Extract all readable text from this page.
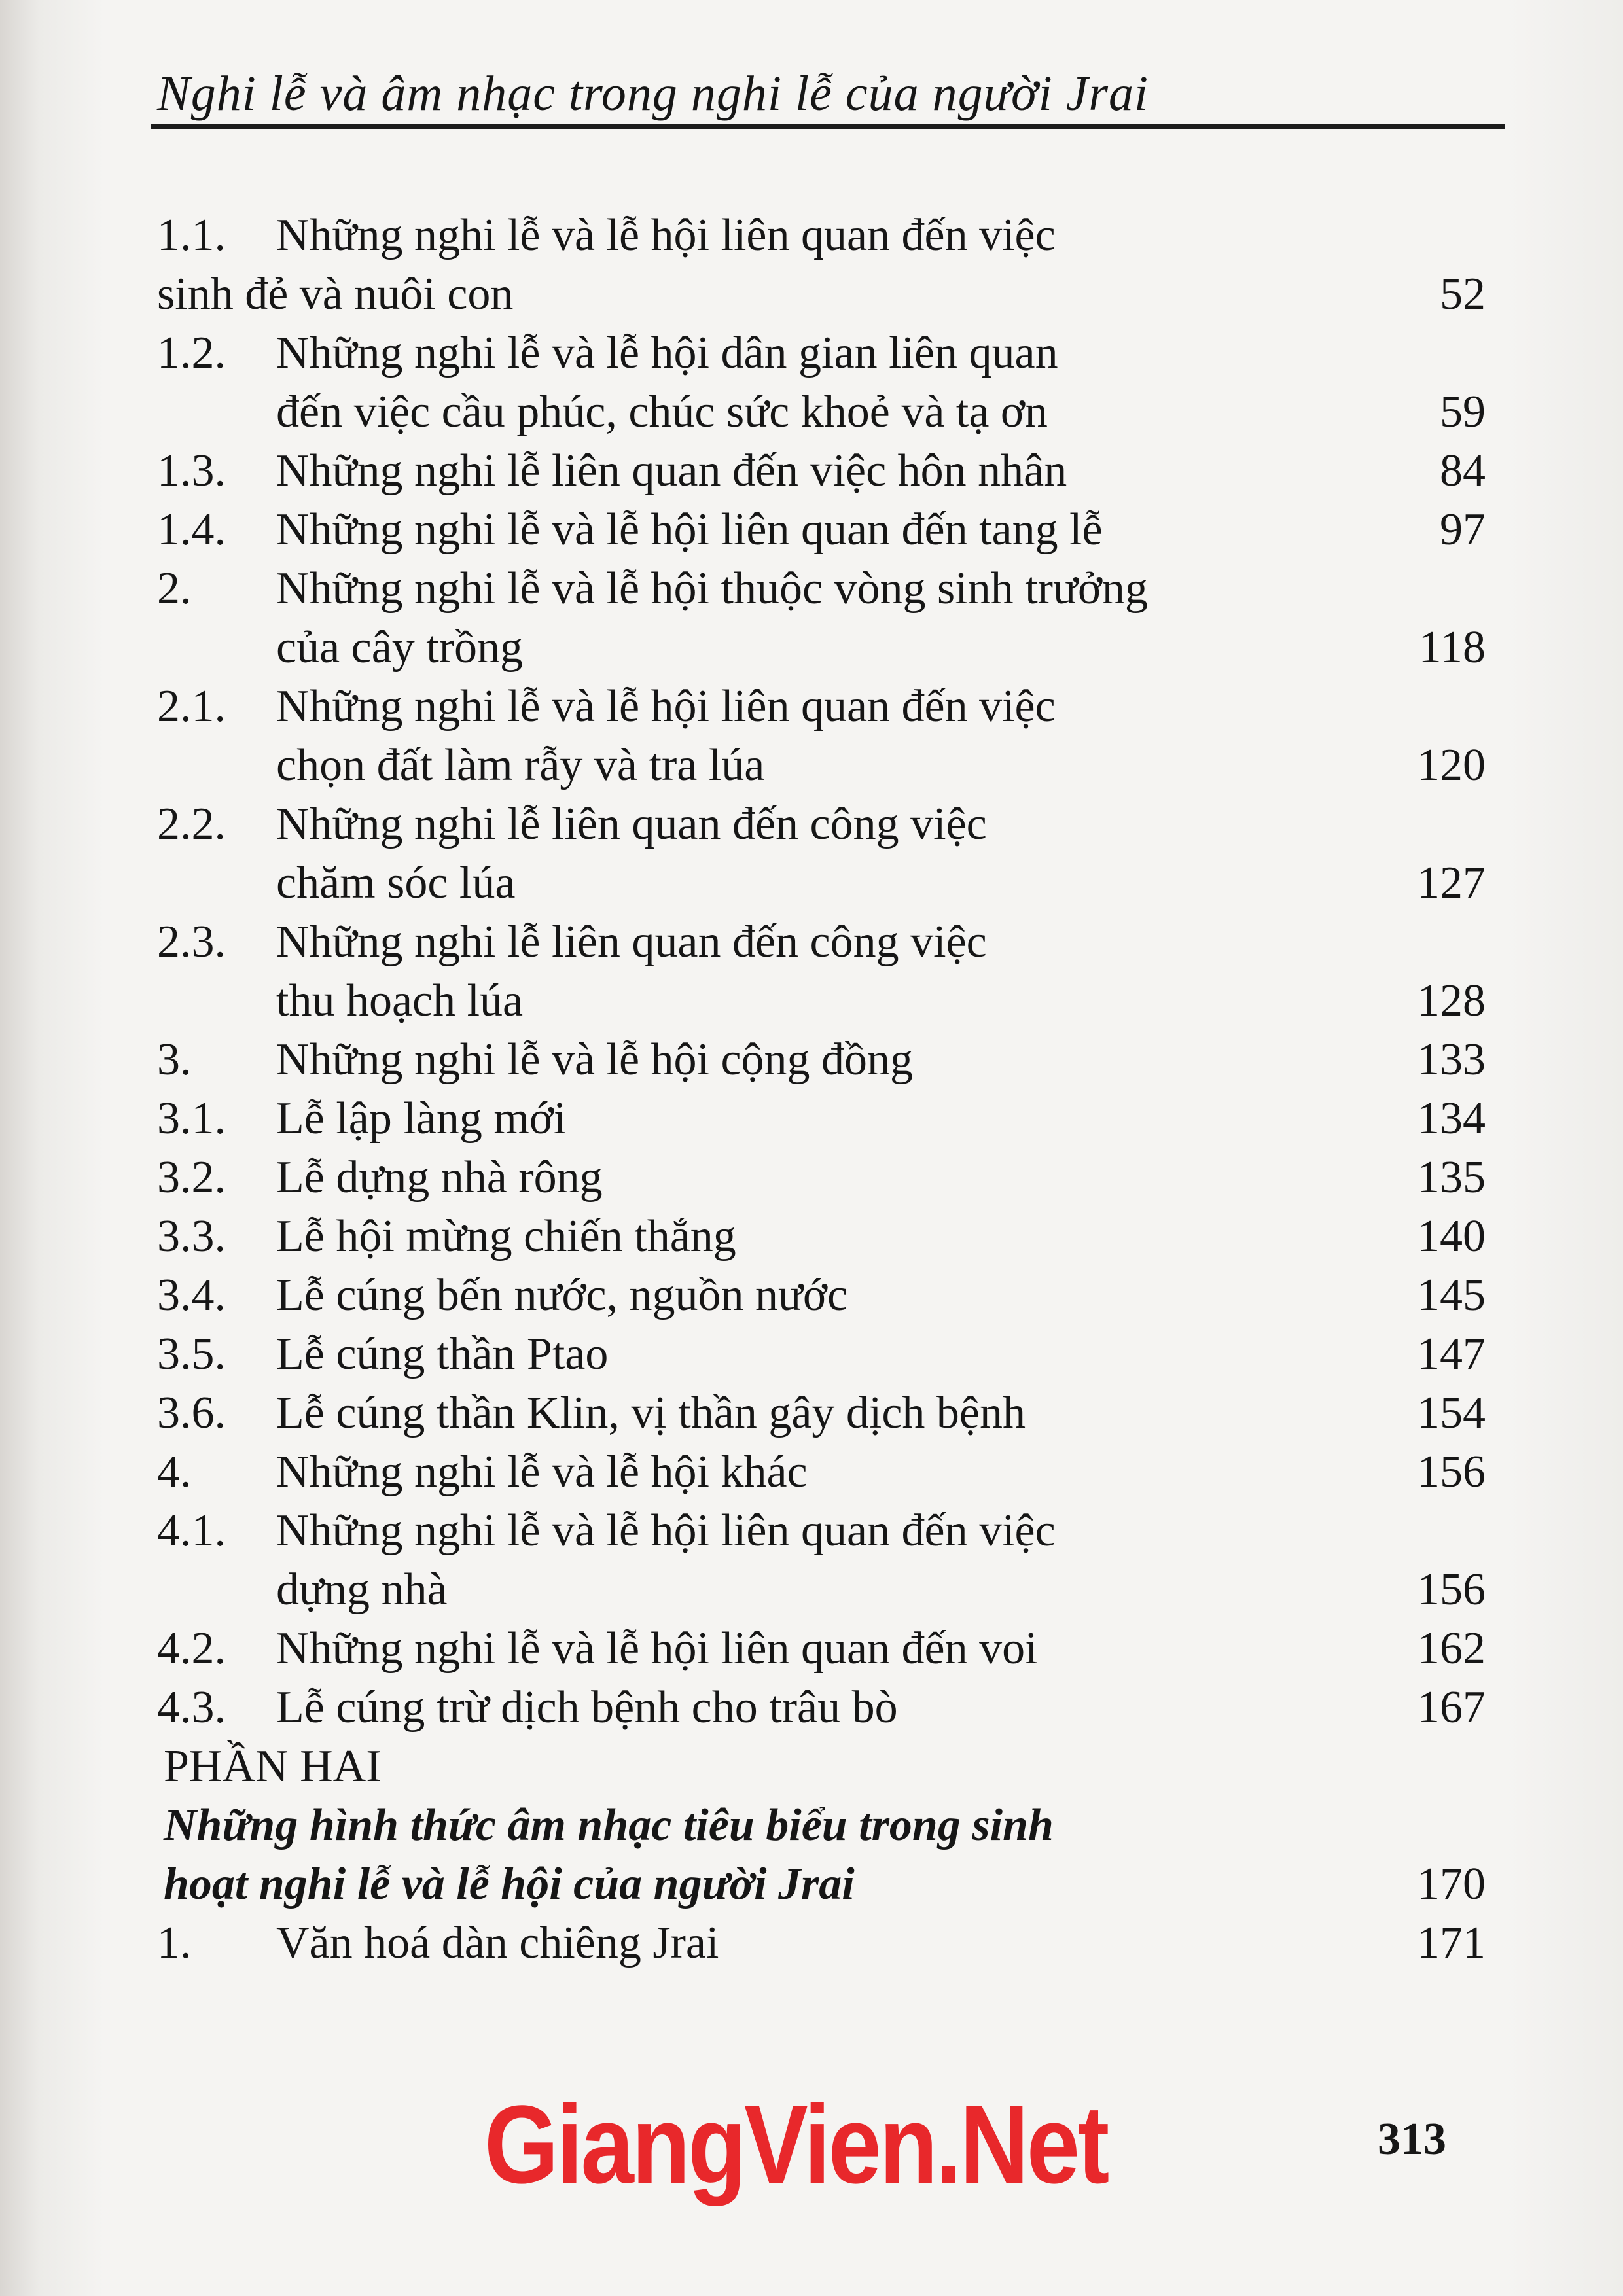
Nghi lễ và âm nhạc trong nghi lễ của người Jrai
1.1. Những nghi lễ và lễ hội liên quan đến việc
sinh đẻ và nuôi con	52
1.2. Những nghi lễ và lễ hội dân gian liên quan
đến việc cầu phúc, chúc sức khoẻ và tạ ơn	59
1.3. Những nghi lễ liên quan đến việc hôn nhân	84
1.4. Những nghi lễ và lễ hội liên quan đến tang lễ	97
2. Những nghi lễ và lễ hội thuộc vòng sinh trưởng
của cây trồng	118
2.1. Những nghi lễ và lễ hội liên quan đến việc
chọn đất làm rẫy và tra lúa	120
2.2. Những nghi lễ liên quan đến công việc
chăm sóc lúa	127
2.3. Những nghi lễ liên quan đến công việc
thu hoạch lúa	128
3. Những nghi lễ và lễ hội cộng đồng	133
3.1. Lễ lập làng mới	134
3.2. Lễ dựng nhà rông	135
3.3. Lễ hội mừng chiến thắng	140
3.4. Lễ cúng bến nước, nguồn nước	145
3.5. Lễ cúng thần Ptao	147
3.6. Lễ cúng thần Klin, vị thần gây dịch bệnh	154
4. Những nghi lễ và lễ hội khác	156
4.1. Những nghi lễ và lễ hội liên quan đến việc
dựng nhà	156
4.2. Những nghi lễ và lễ hội liên quan đến voi	162
4.3. Lễ cúng trừ dịch bệnh cho trâu bò	167
PHẦN HAI
Những hình thức âm nhạc tiêu biểu trong sinh
hoạt nghi lễ và lễ hội của người Jrai	170
1. Văn hoá dàn chiêng Jrai	171
GiangVien.Net	313
